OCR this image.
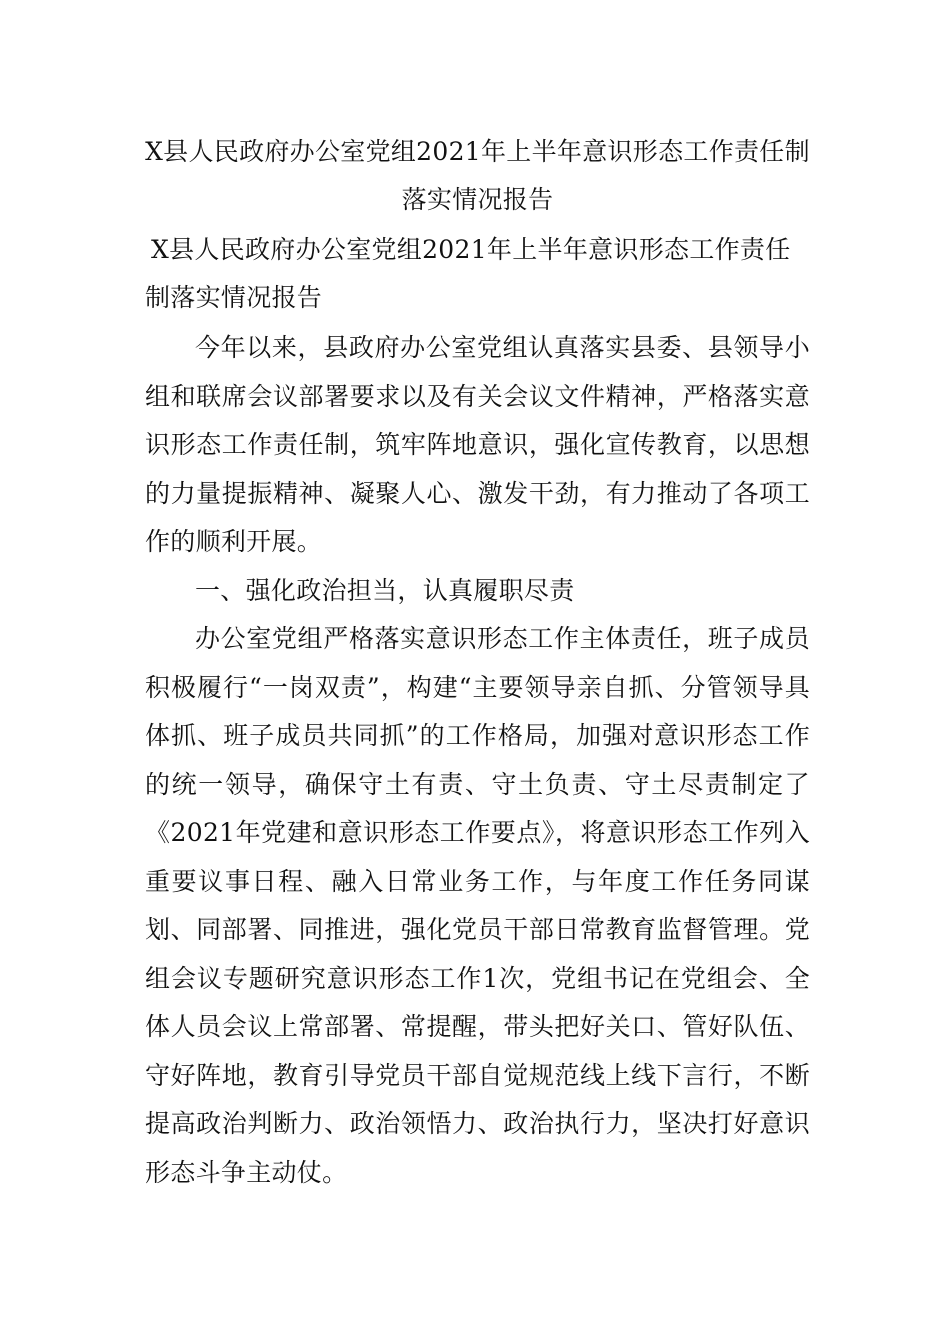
X县人民政府办公室党组2021年上半年意识形态工作责任制落实情况报告

X县人民政府办公室党组2021年上半年意识形态工作责任制落实情况报告

今年以来，县政府办公室党组认真落实县委、县领导小组和联席会议部署要求以及有关会议文件精神，严格落实意识形态工作责任制，筑牢阵地意识，强化宣传教育，以思想的力量提振精神、凝聚人心、激发干劲，有力推动了各项工作的顺利开展。

一、强化政治担当，认真履职尽责

办公室党组严格落实意识形态工作主体责任，班子成员积极履行“一岗双责”，构建“主要领导亲自抓、分管领导具体抓、班子成员共同抓”的工作格局，加强对意识形态工作的统一领导，确保守土有责、守土负责、守土尽责制定了《2021年党建和意识形态工作要点》，将意识形态工作列入重要议事日程、融入日常业务工作，与年度工作任务同谋划、同部署、同推进，强化党员干部日常教育监督管理。党组会议专题研究意识形态工作1次，党组书记在党组会、全体人员会议上常部署、常提醒，带头把好关口、管好队伍、守好阵地，教育引导党员干部自觉规范线上线下言行，不断提高政治判断力、政治领悟力、政治执行力，坚决打好意识形态斗争主动仗。
